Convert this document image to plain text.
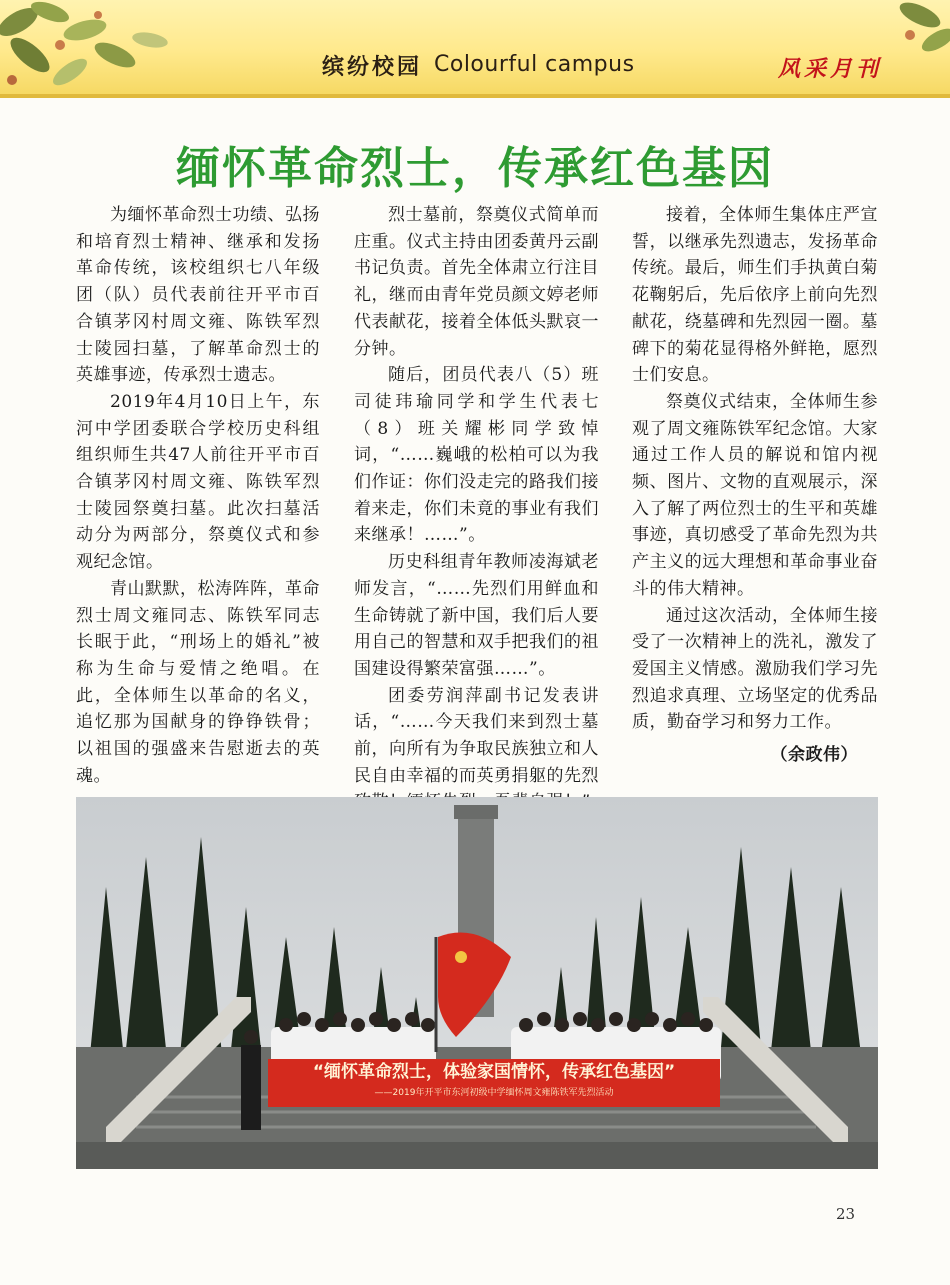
缤纷校园 Colourful campus	风采月刊
缅怀革命烈士，传承红色基因

为缅怀革命烈士功绩、弘扬和培育烈士精神、继承和发扬革命传统，该校组织七八年级团（队）员代表前往开平市百合镇茅冈村周文雍、陈铁军烈士陵园扫墓，了解革命烈士的英雄事迹，传承烈士遗志。

2019年4月10日上午，东河中学团委联合学校历史科组组织师生共47人前往开平市百合镇茅冈村周文雍、陈铁军烈士陵园祭奠扫墓。此次扫墓活动分为两部分，祭奠仪式和参观纪念馆。

青山默默，松涛阵阵，革命烈士周文雍同志、陈铁军同志长眠于此，“刑场上的婚礼”被称为生命与爱情之绝唱。在此，全体师生以革命的名义，追忆那为国献身的铮铮铁骨；以祖国的强盛来告慰逝去的英魂。

烈士墓前，祭奠仪式简单而庄重。仪式主持由团委黄丹云副书记负责。首先全体肃立行注目礼，继而由青年党员颜文婷老师代表献花，接着全体低头默哀一分钟。

随后，团员代表八（5）班司徒玮瑜同学和学生代表七（8）班关耀彬同学致悼词，“……巍峨的松柏可以为我们作证：你们没走完的路我们接着来走，你们未竟的事业有我们来继承！……”。

历史科组青年教师凌海斌老师发言，“……先烈们用鲜血和生命铸就了新中国，我们后人要用自己的智慧和双手把我们的祖国建设得繁荣富强……”。

团委劳润萍副书记发表讲话，“……今天我们来到烈士墓前，向所有为争取民族独立和人民自由幸福的而英勇捐躯的先烈

接着，全体师生集体庄严宣誓，以继承先烈遗志，发扬革命传统。最后，师生们手执黄白菊花鞠躬后，先后依序上前向先烈献花，绕墓碑和先烈园一圈。墓碑下的菊花显得格外鲜艳，愿烈士们安息。

祭奠仪式结束，全体师生参观了周文雍陈铁军纪念馆。大家通过工作人员的解说和馆内视频、图片、文物的直观展示，深入了解了两位烈士的生平和英雄事迹，真切感受了革命先烈为共产主义的远大理想和革命事业奋斗的伟大精神。

通过这次活动，全体师生接受了一次精神上的洗礼，激发了爱国主义情感。激励我们学习先烈追求真理、立场坚定的优秀品质，勤奋学习和努力工作。

（余政伟）

“缅怀革命烈士，体验家国情怀，传承红色基因”
——2019年开平市东河初级中学缅怀周文雍陈铁军先烈活动
23
